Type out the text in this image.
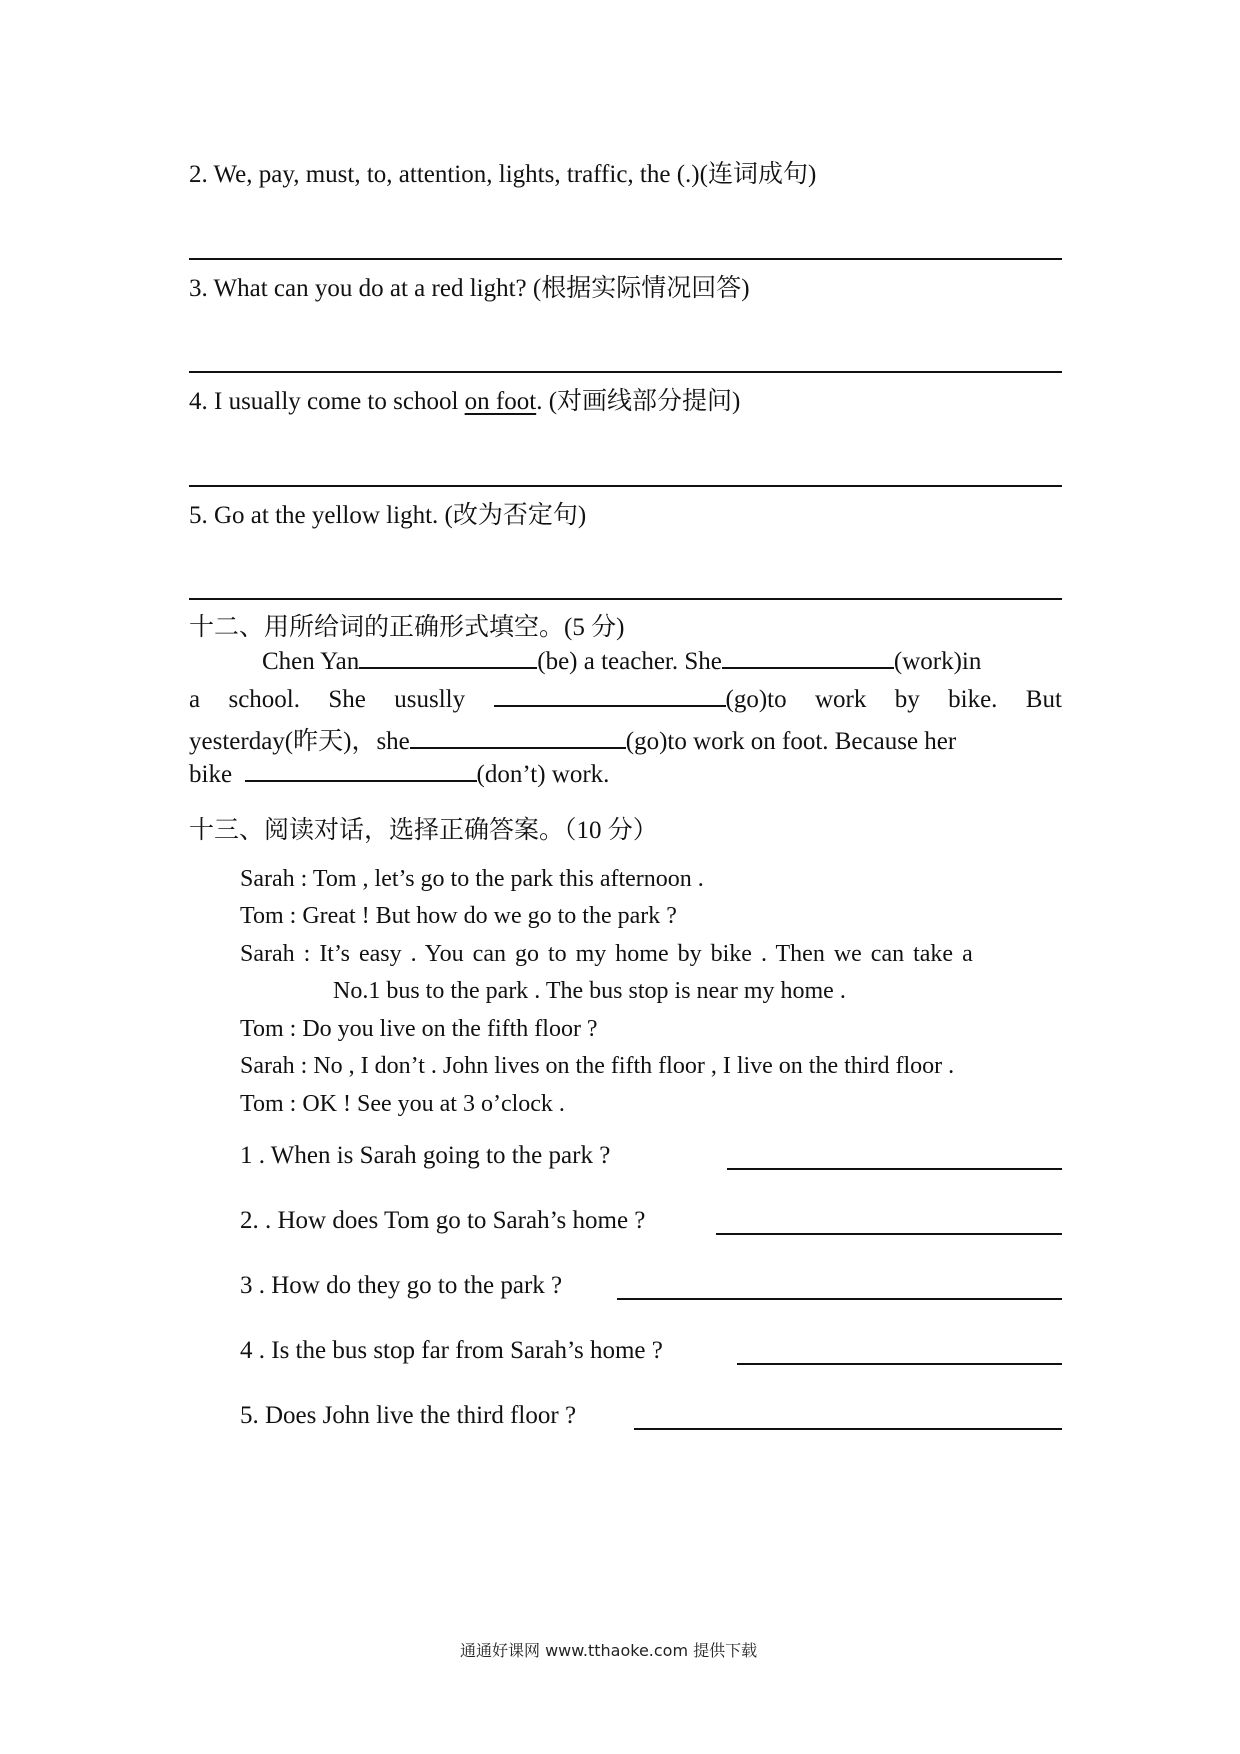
2. We, pay, must, to, attention, lights, traffic, the (.)(连词成句)
3. What can you do at a red light? (根据实际情况回答)
4. I usually come to school on foot. (对画线部分提问)
5. Go at the yellow light. (改为否定句)
十二、用所给词的正确形式填空。(5 分)
Chen Yan	(be) a teacher. She	(work)in
a school. She ususlly	(go)to work by bike. But
yesterday(昨天)，she	(go)to work on foot. Because her
bike	(don’t) work.
十三、阅读对话，选择正确答案。（10 分）
Sarah : Tom , let’s go to the park this afternoon .
Tom : Great ! But how do we go to the park ?
Sarah : It’s easy . You can go to my home by bike . Then we can take a
No.1 bus to the park . The bus stop is near my home .
Tom : Do you live on the fifth floor ?
Sarah : No , I don’t . John lives on the fifth floor , I live on the third floor .
Tom : OK ! See you at 3 o’clock .
1 . When is Sarah going to the park ?
2. . How does Tom go to Sarah’s home ?
3 . How do they go to the park ?
4 . Is the bus stop far from Sarah’s home ?
5. Does John live the third floor ?
通通好课网 www.tthaoke.com 提供下载
